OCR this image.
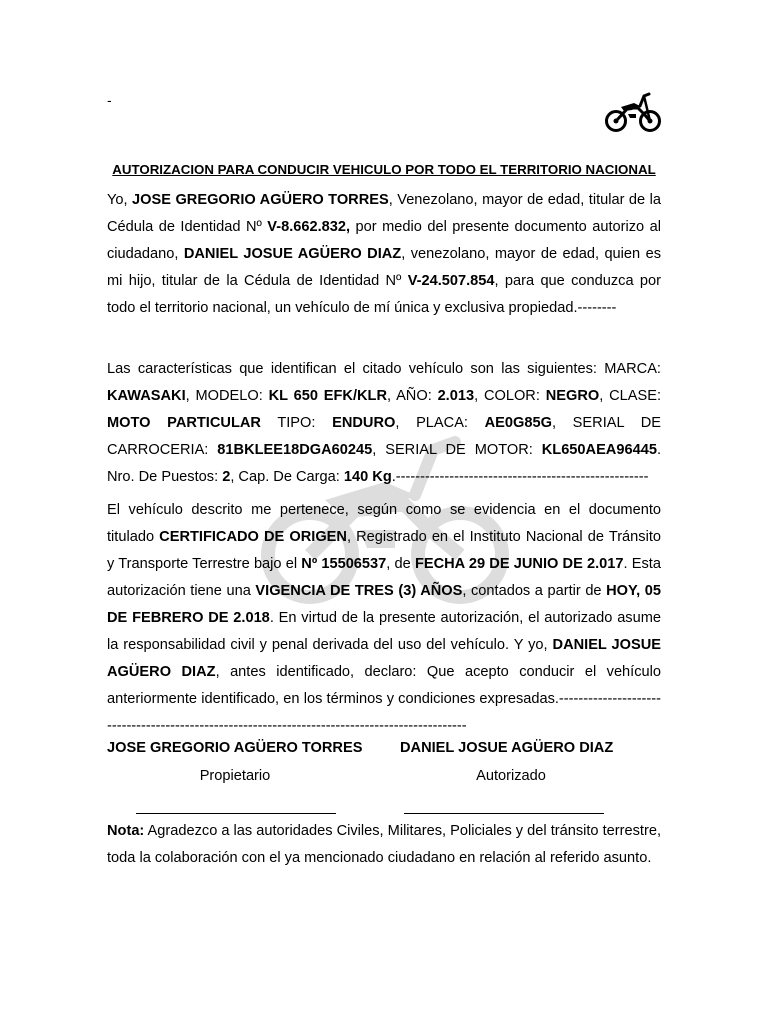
-
AUTORIZACION PARA CONDUCIR VEHICULO POR TODO EL TERRITORIO NACIONAL
Yo, JOSE GREGORIO AGÜERO TORRES, Venezolano, mayor de edad, titular de la Cédula de Identidad Nº V-8.662.832, por medio del presente documento autorizo al ciudadano, DANIEL JOSUE AGÜERO DIAZ, venezolano, mayor de edad, quien es mi hijo, titular de la Cédula de Identidad Nº V-24.507.854, para que conduzca por todo el territorio nacional, un vehículo de mí única y exclusiva propiedad.--------
Las características que identifican el citado vehículo son las siguientes: MARCA: KAWASAKI, MODELO: KL 650 EFK/KLR, AÑO: 2.013, COLOR: NEGRO, CLASE: MOTO PARTICULAR TIPO: ENDURO, PLACA: AE0G85G, SERIAL DE CARROCERIA: 81BKLEE18DGA60245, SERIAL DE MOTOR: KL650AEA96445. Nro. De Puestos: 2, Cap. De Carga: 140 Kg.----------------------------------------------------
El vehículo descrito me pertenece, según como se evidencia en el documento titulado CERTIFICADO DE ORIGEN, Registrado en el Instituto Nacional de Tránsito y Transporte Terrestre bajo el Nº 15506537, de FECHA 29 DE JUNIO DE 2.017. Esta autorización tiene una VIGENCIA DE TRES (3) AÑOS, contados a partir de HOY, 05 DE FEBRERO DE 2.018. En virtud de la presente autorización, el autorizado asume la responsabilidad civil y penal derivada del uso del vehículo. Y yo, DANIEL JOSUE AGÜERO DIAZ, antes identificado, declaro: Que acepto conducir el vehículo anteriormente identificado, en los términos y condiciones expresadas.-----------------------------------------------------------------------------------------------
JOSE GREGORIO AGÜERO TORRES	DANIEL JOSUE AGÜERO DIAZ
Propietario	Autorizado
Nota: Agradezco a las autoridades Civiles, Militares, Policiales y del tránsito terrestre, toda la colaboración con el ya mencionado ciudadano en relación al referido asunto.
